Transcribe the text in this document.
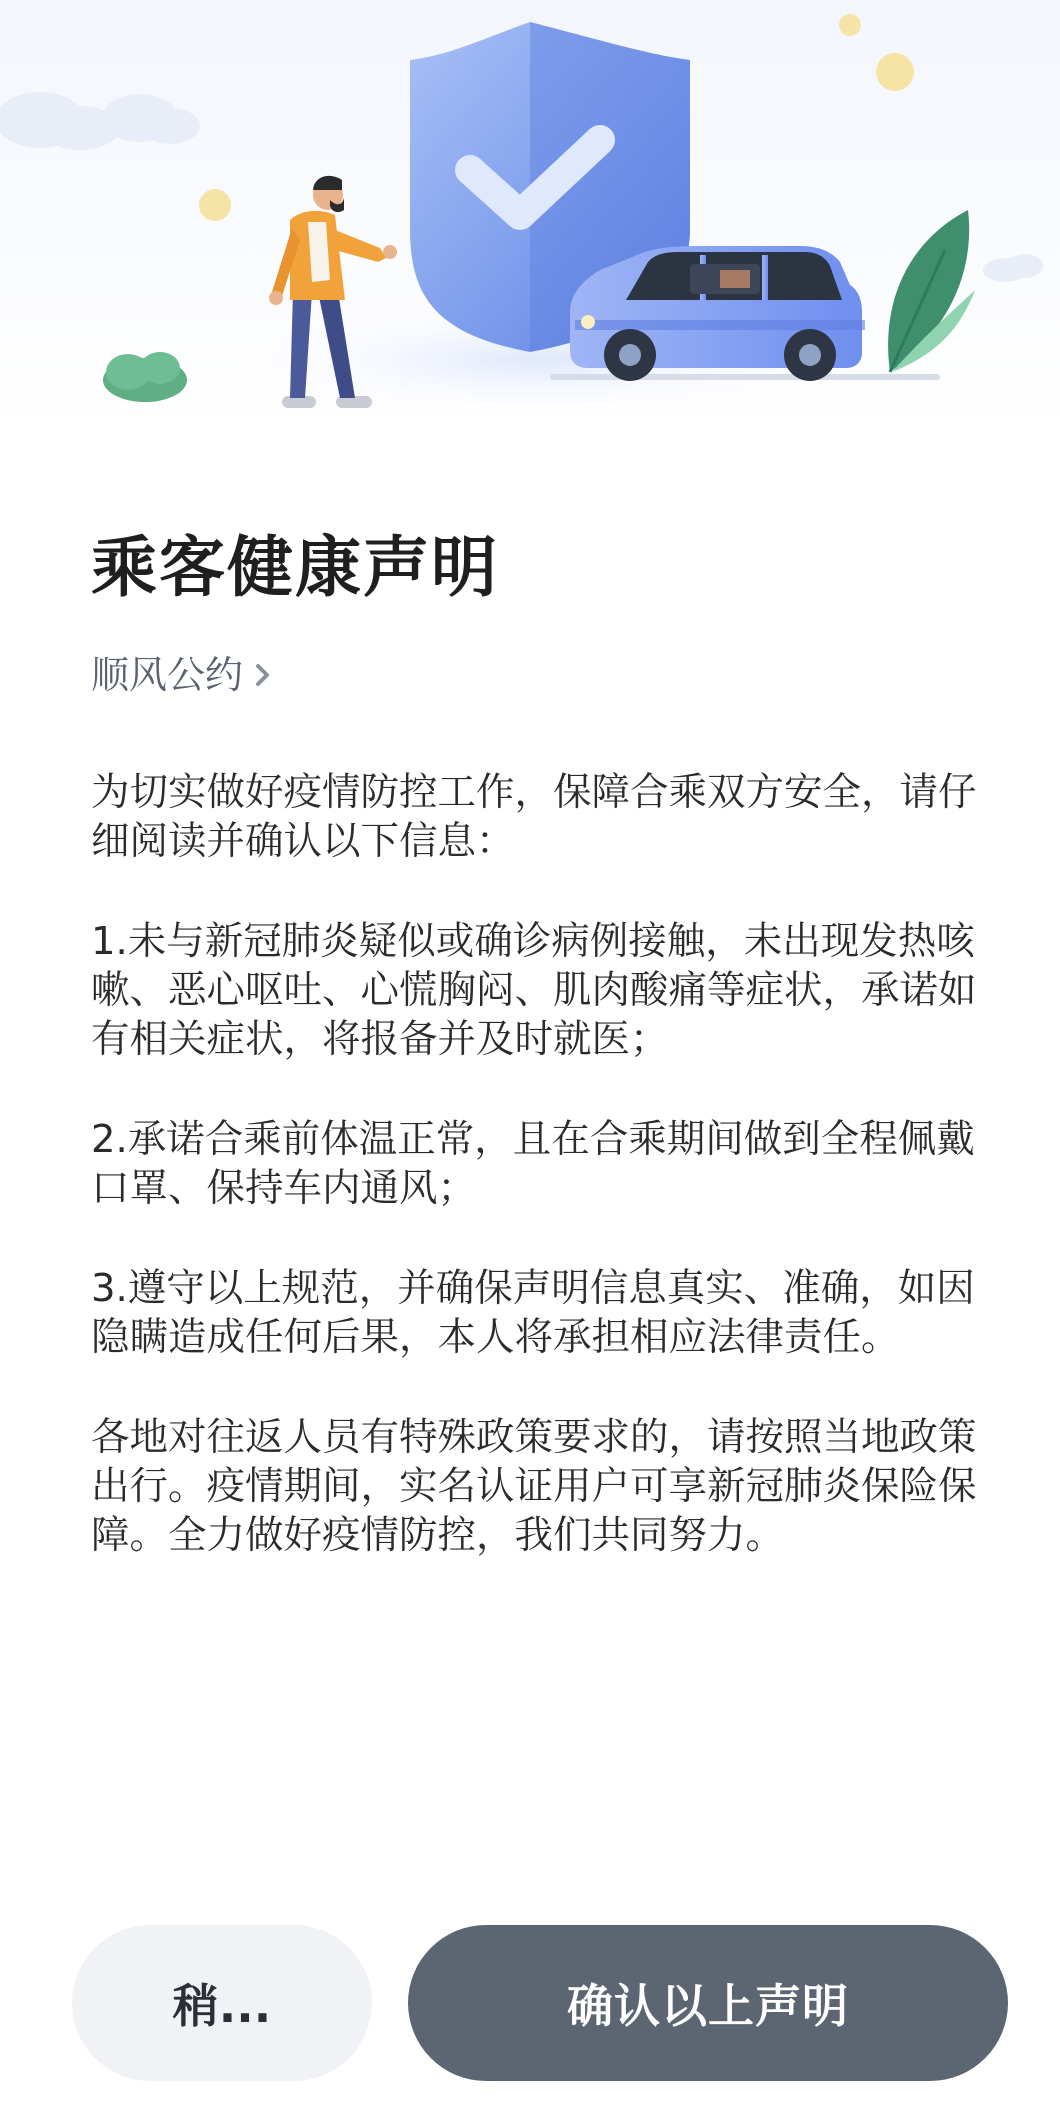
乘客健康声明
顺风公约

为切实做好疫情防控工作，保障合乘双方安全，请仔细阅读并确认以下信息：

1.未与新冠肺炎疑似或确诊病例接触，未出现发热咳嗽、恶心呕吐、心慌胸闷、肌肉酸痛等症状，承诺如有相关症状，将报备并及时就医；

2.承诺合乘前体温正常，且在合乘期间做到全程佩戴口罩、保持车内通风；

3.遵守以上规范，并确保声明信息真实、准确，如因隐瞒造成任何后果，本人将承担相应法律责任。

各地对往返人员有特殊政策要求的，请按照当地政策出行。疫情期间，实名认证用户可享新冠肺炎保险保障。全力做好疫情防控，我们共同努力。

稍...	确认以上声明
